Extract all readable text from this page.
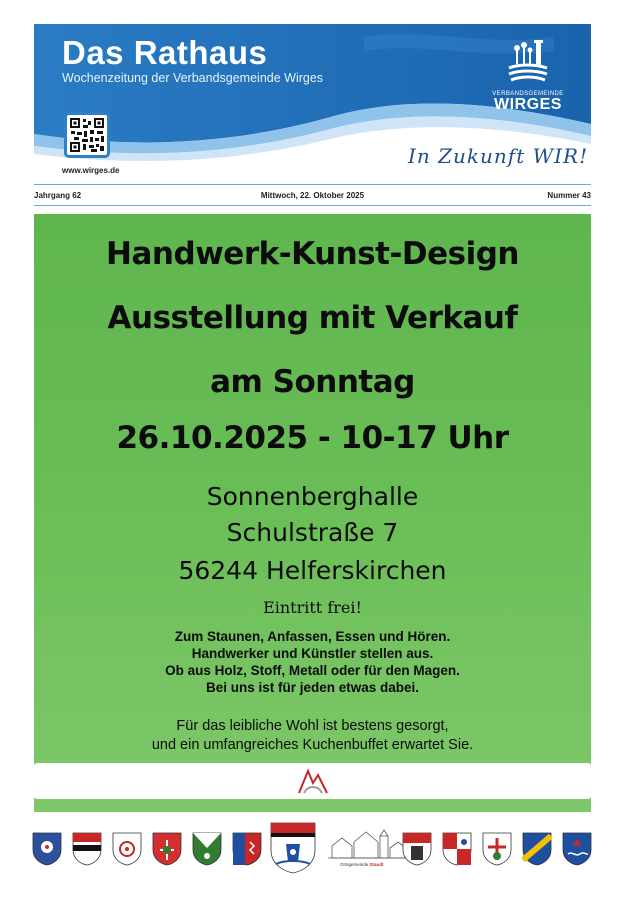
Das Rathaus
Wochenzeitung der Verbandsgemeinde Wirges
www.wirges.de
VERBANDSGEMEINDE
WIRGES
In Zukunft WIR!
Jahrgang 62	Mittwoch, 22. Oktober 2025	Nummer 43
Handwerk-Kunst-Design
Ausstellung mit Verkauf
am Sonntag
26.10.2025 - 10-17 Uhr
Sonnenberghalle
Schulstraße 7
56244 Helferskirchen
Eintritt frei!
Zum Staunen, Anfassen, Essen und Hören.
Handwerker und Künstler stellen aus.
Ob aus Holz, Stoff, Metall oder für den Magen.
Bei uns ist für jeden etwas dabei.
Für das leibliche Wohl ist bestens gesorgt,
und ein umfangreiches Kuchenbuffet erwartet Sie.
Ortsgemeinde Staudt
